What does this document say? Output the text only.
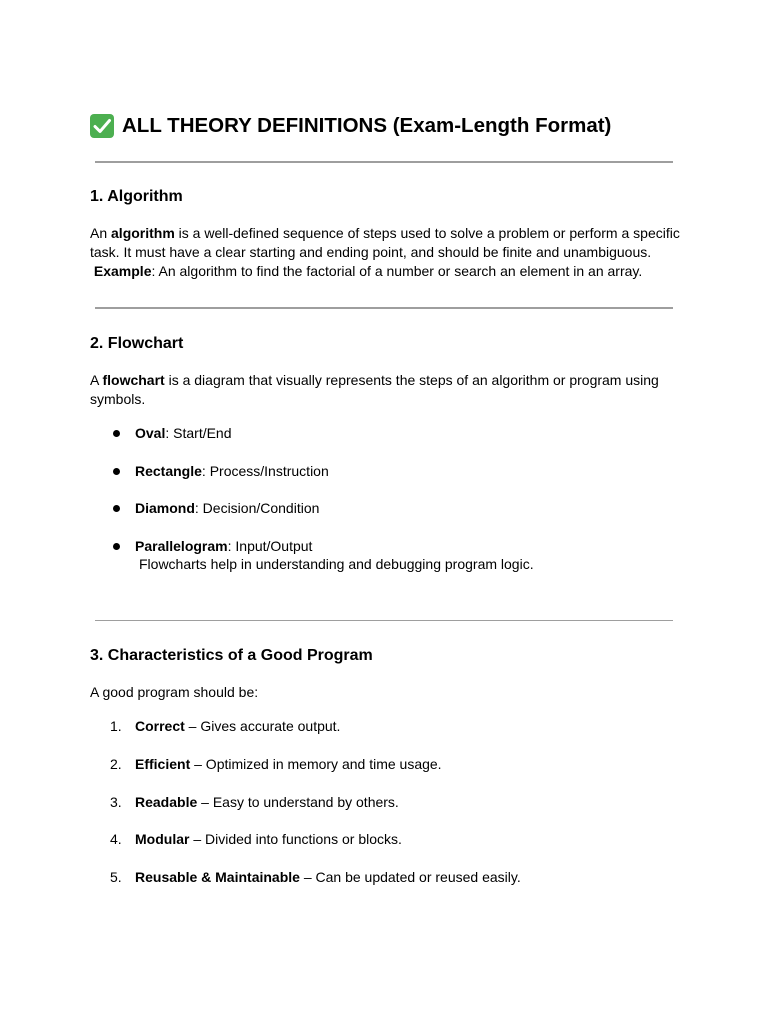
ALL THEORY DEFINITIONS (Exam-Length Format)
1. Algorithm
An algorithm is a well-defined sequence of steps used to solve a problem or perform a specific
task. It must have a clear starting and ending point, and should be finite and unambiguous.
Example: An algorithm to find the factorial of a number or search an element in an array.
2. Flowchart
A flowchart is a diagram that visually represents the steps of an algorithm or program using
symbols.
Oval: Start/End
Rectangle: Process/Instruction
Diamond: Decision/Condition
Parallelogram: Input/Output
Flowcharts help in understanding and debugging program logic.
3. Characteristics of a Good Program
A good program should be:
1. Correct – Gives accurate output.
2. Efficient – Optimized in memory and time usage.
3. Readable – Easy to understand by others.
4. Modular – Divided into functions or blocks.
5. Reusable & Maintainable – Can be updated or reused easily.
